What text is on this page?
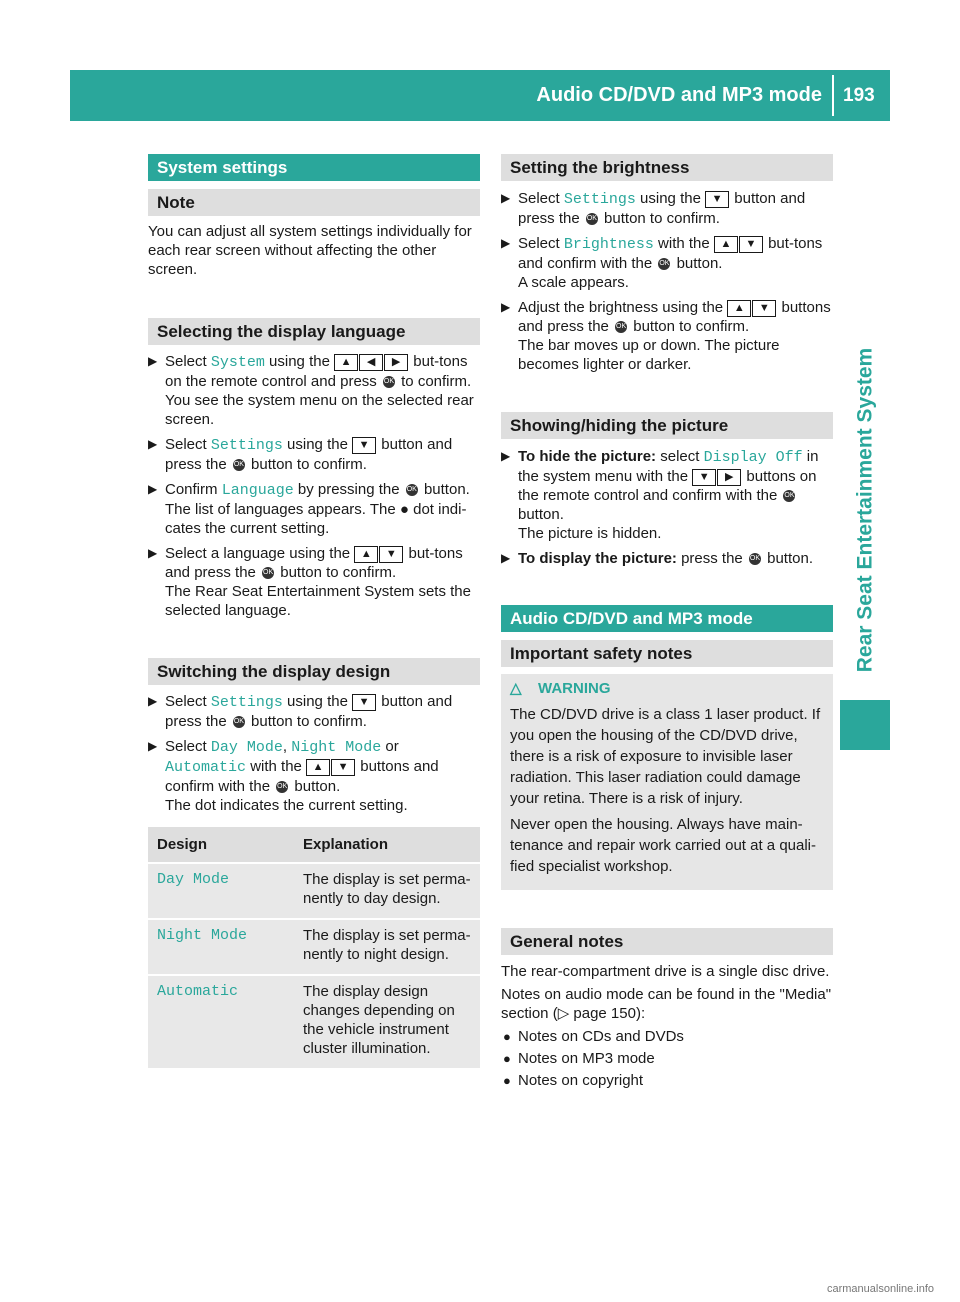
Audio CD/DVD and MP3 mode 193
Rear Seat Entertainment System
System settings
Note

You can adjust all system settings individually for each rear screen without affecting the other screen.

Selecting the display language
▶ Select System using the ▲ ◀ ▶ but-tons on the remote control and press OK to confirm.
You see the system menu on the selected rear screen.
▶ Select Settings using the ▼ button and press the OK button to confirm.
▶ Confirm Language by pressing the OK button.
The list of languages appears. The ● dot indi-cates the current setting.
▶ Select a language using the ▲ ▼ but-tons and press the OK button to confirm.
The Rear Seat Entertainment System sets the selected language.
Switching the display design
▶ Select Settings using the ▼ button and press the OK button to confirm.
▶ Select Day Mode, Night Mode or Automatic with the ▲ ▼ buttons and confirm with the OK button.
The dot indicates the current setting.
Design	Explanation
Day Mode	The display is set perma-nently to day design.
Night Mode	The display is set perma-nently to night design.
Automatic	The display design changes depending on the vehicle instrument cluster illumination.
Setting the brightness
▶ Select Settings using the ▼ button and press the OK button to confirm.
▶ Select Brightness with the ▲ ▼ but-tons and confirm with the OK button.
A scale appears.
▶ Adjust the brightness using the ▲ ▼ buttons and press the OK button to confirm.
The bar moves up or down. The picture becomes lighter or darker.
Showing/hiding the picture
▶ To hide the picture: select Display Off in the system menu with the ▼ ▶ buttons on the remote control and confirm with the OK button.
The picture is hidden.
▶ To display the picture: press the OK button.
Audio CD/DVD and MP3 mode
Important safety notes
△ WARNING

The CD/DVD drive is a class 1 laser product. If you open the housing of the CD/DVD drive, there is a risk of exposure to invisible laser radiation. This laser radiation could damage your retina. There is a risk of injury.

Never open the housing. Always have main-tenance and repair work carried out at a quali-fied specialist workshop.

General notes

The rear-compartment drive is a single disc drive.

Notes on audio mode can be found in the "Media" section (▷ page 150):

● Notes on CDs and DVDs
● Notes on MP3 mode
● Notes on copyright
carmanualsonline.info
